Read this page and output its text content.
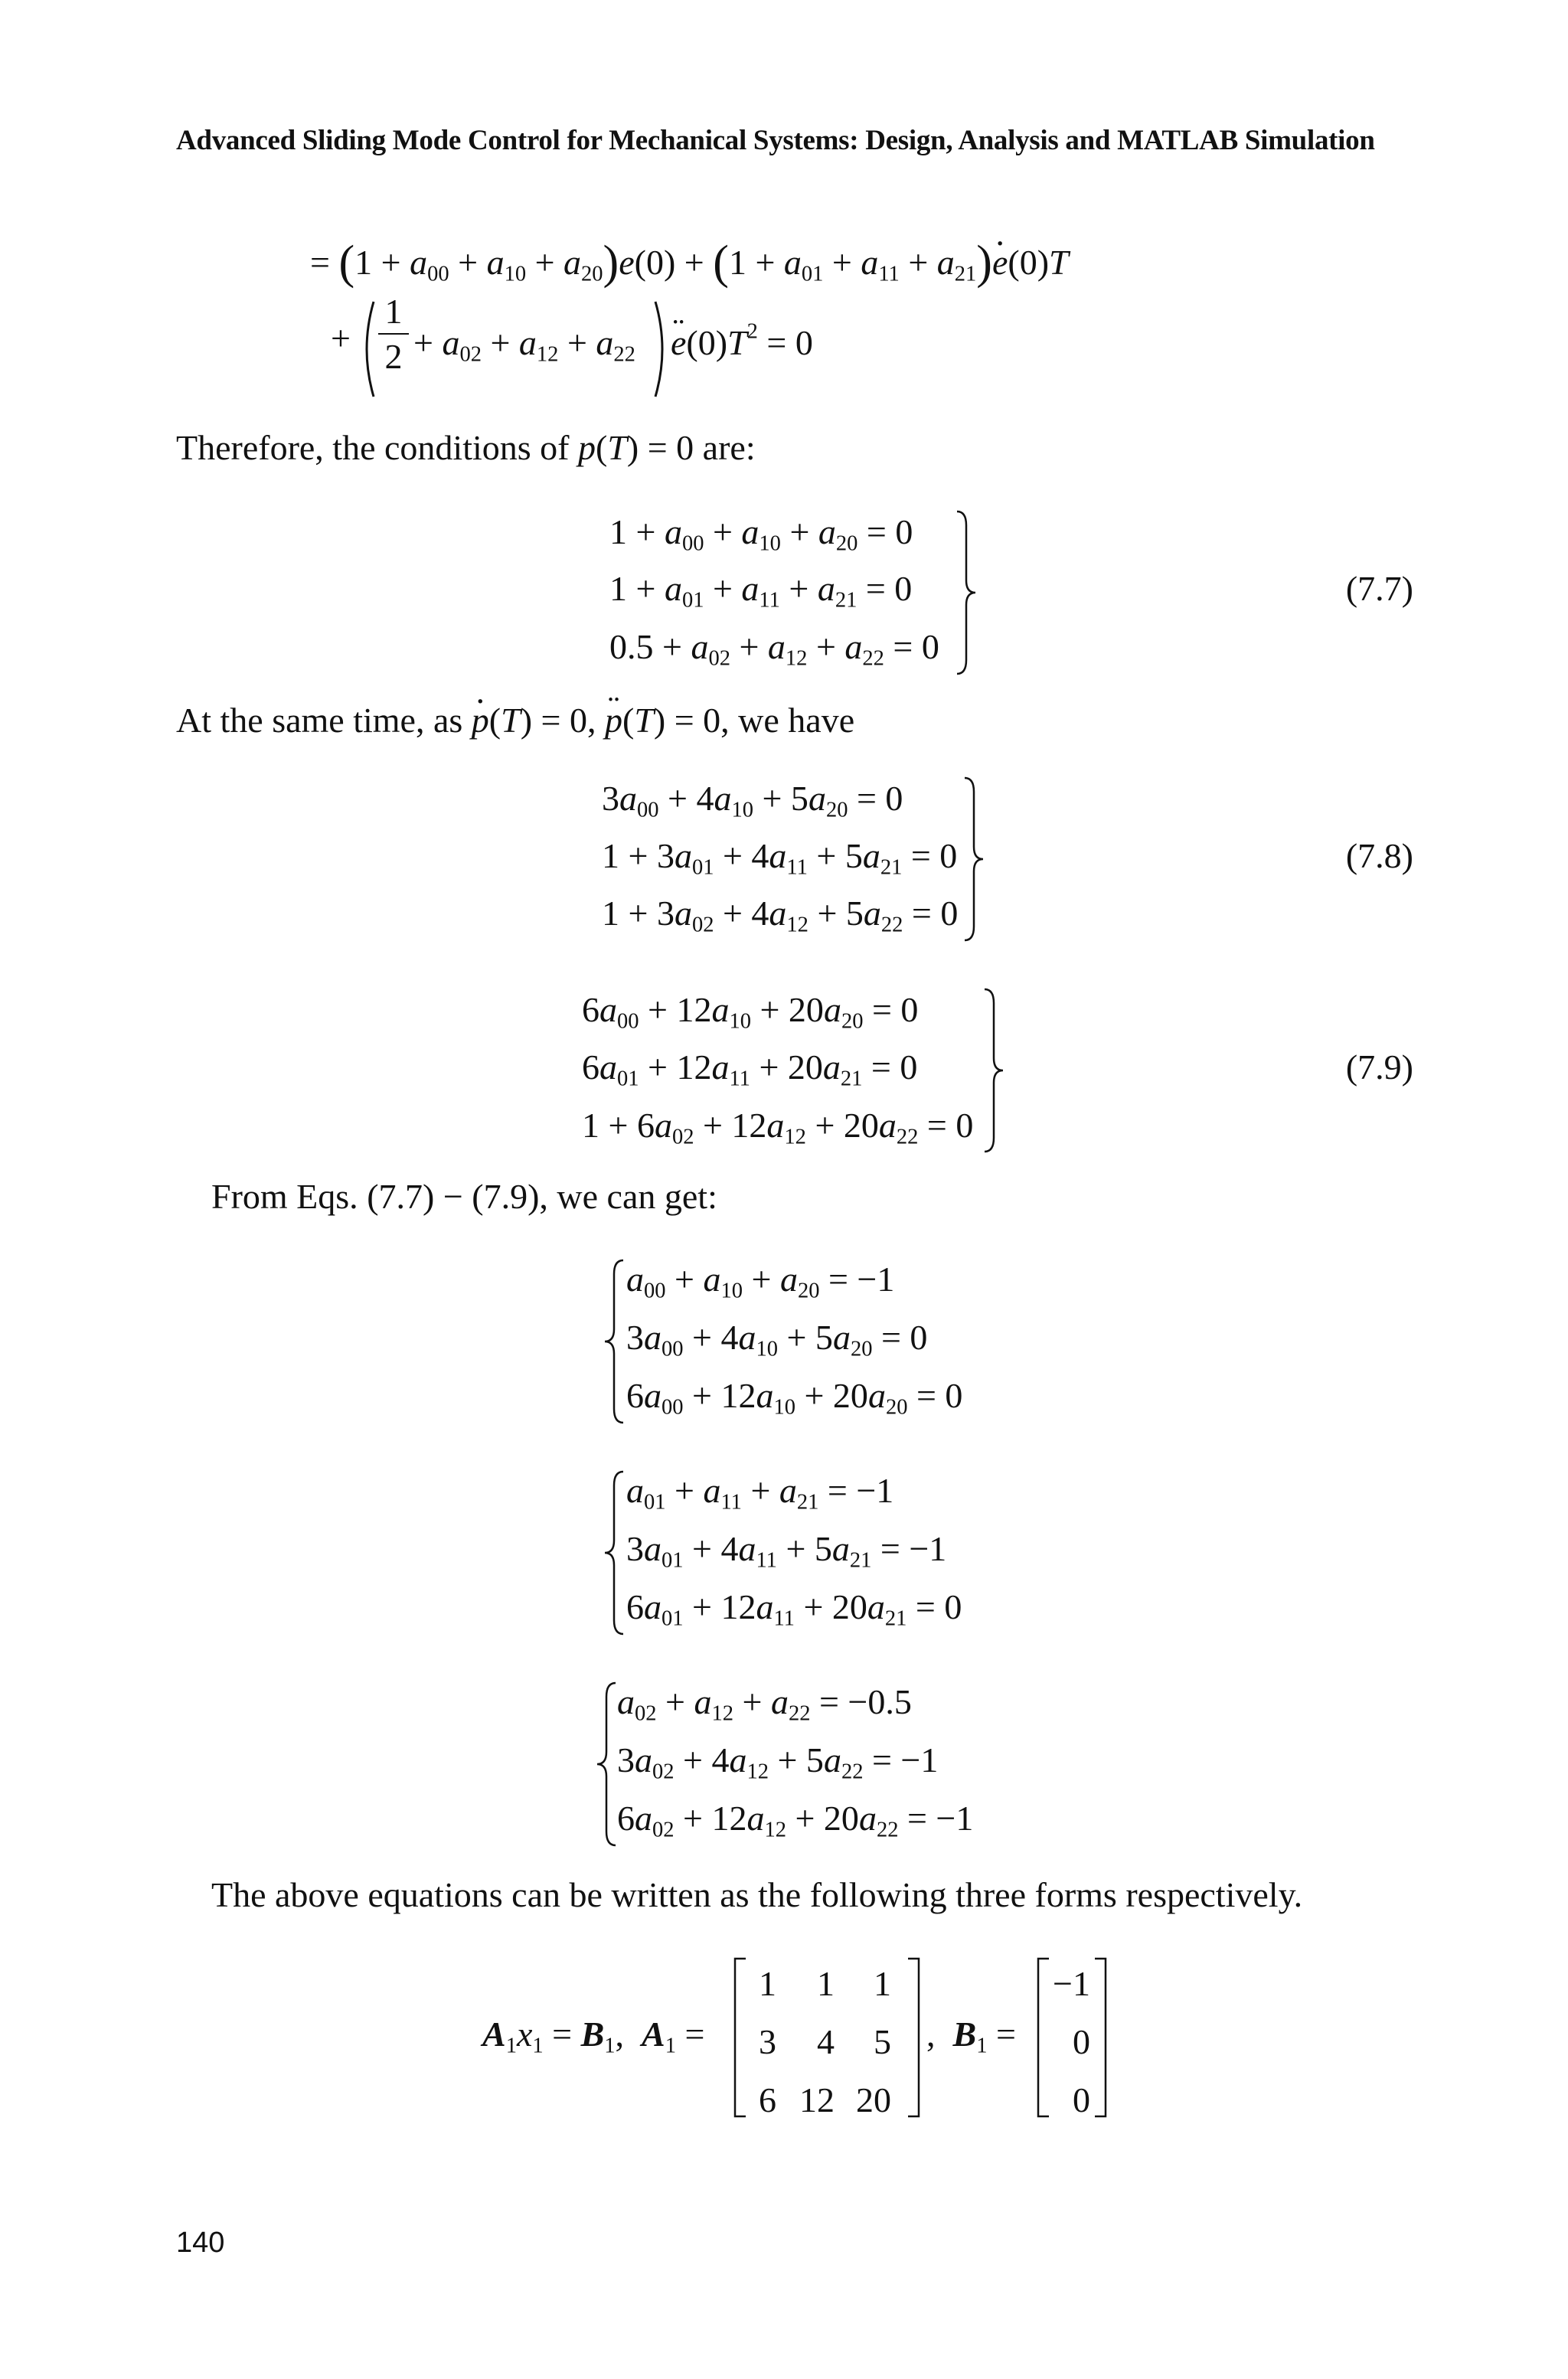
Advanced Sliding Mode Control for Mechanical Systems: Design, Analysis and MATLAB Simulation
= $(1 + a_{00} + a_{10} + a_{20})e(0) + (1 + a_{01} + a_{11} + a_{21})e \cdot(0)T$
+
1
$2 + a_{02} + a_{12} + a_{22}$ e $¨(0)T^2 = 0$
Therefore, the conditions of p(T) = 0 are:
$1 + a_{00} + a_{10} + a_{20} = 0$
$1 + a_{01} + a_{11} + a_{21} = 0$
$0.5 + a_{02} + a_{12} + a_{22} = 0$
(7.7)
At the same time, as p ·(T) = 0, p ¨(T) = 0, we have
$3a_{00} + 4a_{10} + 5a_{20} = 0$
$1 + 3a_{01} + 4a_{11} + 5a_{21} = 0$
$1 + 3a_{02} + 4a_{12} + 5a_{22} = 0$
(7.8)
$6a_{00} + 12a_{10} + 20a_{20} = 0$
$6a_{01} + 12a_{11} + 20a_{21} = 0$
$1 + 6a_{02} + 12a_{12} + 20a_{22} = 0$
(7.9)
From Eqs. (7.7) − (7.9), we can get:
$a_{00} + a_{10} + a_{20} = -1$
$3a_{00} + 4a_{10} + 5a_{20} = 0$
$6a_{00} + 12a_{10} + 20a_{20} = 0$
$a_{01} + a_{11} + a_{21} = -1$
$3a_{01} + 4a_{11} + 5a_{21} = -1$
$6a_{01} + 12a_{11} + 20a_{21} = 0$
$a_{02} + a_{12} + a_{22} = -0.5$
$3a_{02} + 4a_{12} + 5a_{22} = -1$
$6a_{02} + 12a_{12} + 20a_{22} = -1$
The above equations can be written as the following three forms respectively.
$A_1x_1 = B_1$,  $A_1$ =
1	1	1
3	4	5
6	12	20
,  $B_1$ =
−1
0
0
140
